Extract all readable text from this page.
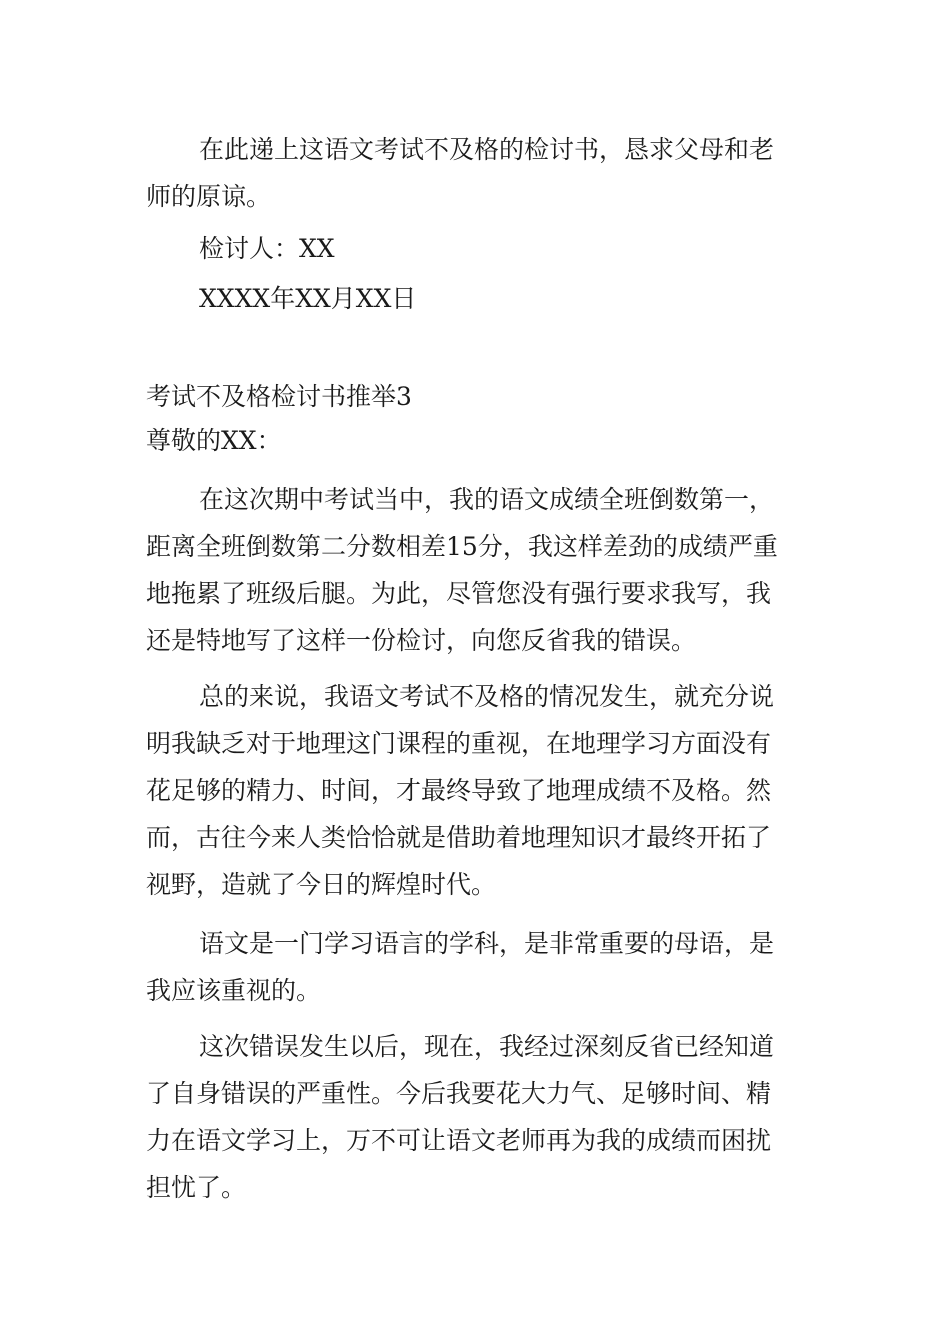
在此递上这语文考试不及格的检讨书，恳求父母和老
师的原谅。
检讨人：XX
XXXX年XX月XX日
考试不及格检讨书推举3
尊敬的XX：
在这次期中考试当中，我的语文成绩全班倒数第一，
距离全班倒数第二分数相差15分，我这样差劲的成绩严重
地拖累了班级后腿。为此，尽管您没有强行要求我写，我
还是特地写了这样一份检讨，向您反省我的错误。
总的来说，我语文考试不及格的情况发生，就充分说
明我缺乏对于地理这门课程的重视，在地理学习方面没有
花足够的精力、时间，才最终导致了地理成绩不及格。然
而，古往今来人类恰恰就是借助着地理知识才最终开拓了
视野，造就了今日的辉煌时代。
语文是一门学习语言的学科，是非常重要的母语，是
我应该重视的。
这次错误发生以后，现在，我经过深刻反省已经知道
了自身错误的严重性。今后我要花大力气、足够时间、精
力在语文学习上，万不可让语文老师再为我的成绩而困扰
担忧了。
